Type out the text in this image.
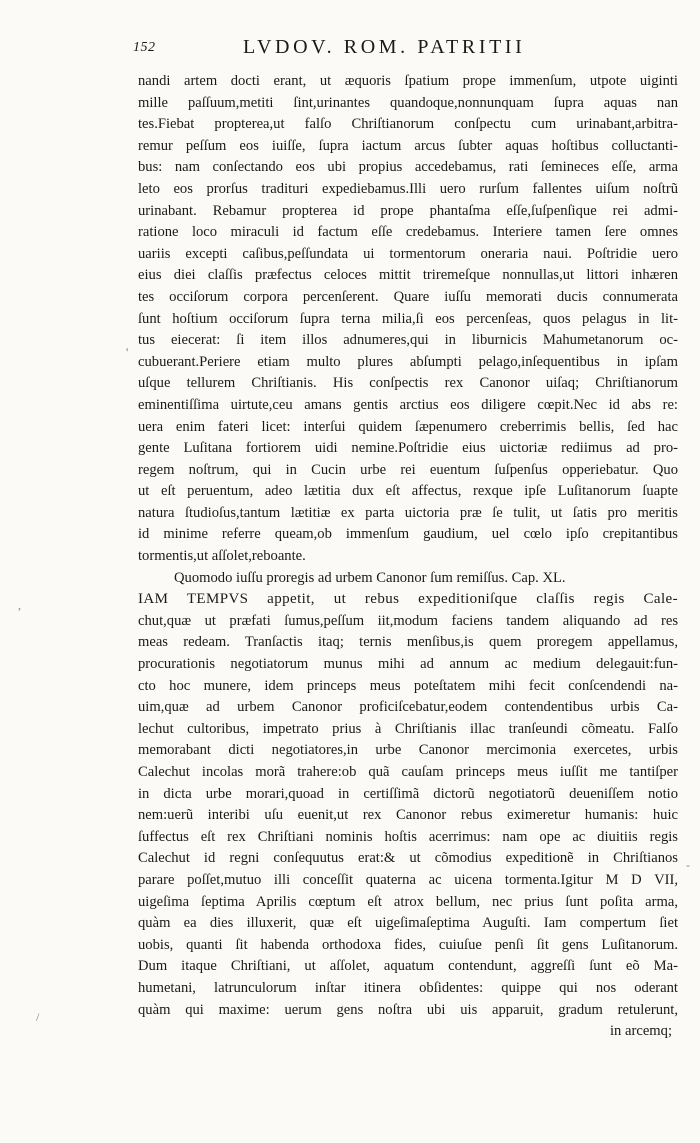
152	LVDOV. ROM. PATRITII
'
,
/
-
nandi artem docti erant, ut æquoris ſpatium prope immenſum, utpote uiginti
mille paſſuum,metiti ſint,urinantes quandoque,nonnunquam ſupra aquas nan
tes.Fiebat propterea,ut falſo Chriſtianorum conſpectu cum urinabant,arbitra-
remur peſſum eos iuiſſe, ſupra iactum arcus ſubter aquas hoſtibus colluctanti-
bus: nam conſectando eos ubi propius accedebamus, rati ſemineces eſſe, arma
leto eos prorſus tradituri expediebamus.Illi uero rurſum fallentes uiſum noſtrũ
urinabant. Rebamur propterea id prope phantaſma eſſe,ſuſpenſique rei admi-
ratione loco miraculi id factum eſſe credebamus. Interiere tamen ſere omnes
uariis excepti caſibus,peſſundata ui tormentorum oneraria naui. Poſtridie uero
eius diei claſſis præfectus celoces mittit triremeſque nonnullas,ut littori inhæren
tes occiſorum corpora percenſerent. Quare iuſſu memorati ducis connumerata
ſunt hoſtium occiſorum ſupra terna milia,ſi eos percenſeas, quos pelagus in lit-
tus eiecerat: ſi item illos adnumeres,qui in liburnicis Mahumetanorum oc-
cubuerant.Periere etiam multo plures abſumpti pelago,inſequentibus in ipſam
uſque tellurem Chriſtianis. His conſpectis rex Canonor uiſaq; Chriſtianorum
eminentiſſima uirtute,ceu amans gentis arctius eos diligere cœpit.Nec id abs re:
uera enim fateri licet: interſui quidem ſæpenumero creberrimis bellis, ſed hac
gente Luſitana fortiorem uidi nemine.Poſtridie eius uictoriæ rediimus ad pro-
regem noſtrum, qui in Cucin urbe rei euentum ſuſpenſus opperiebatur. Quo
ut eſt peruentum, adeo lætitia dux eſt affectus, rexque ipſe Luſitanorum ſuapte
natura ſtudioſus,tantum lætitiæ ex parta uictoria præ ſe tulit, ut ſatis pro meritis
id minime referre queam,ob immenſum gaudium, uel cœlo ipſo crepitantibus
tormentis,ut aſſolet,reboante.
Quomodo iuſſu proregis ad urbem Canonor ſum remiſſus. Cap. XL.
IAM TEMPVS appetit, ut rebus expeditioniſque claſſis regis Cale-
chut,quæ ut præfati ſumus,peſſum iit,modum faciens tandem aliquando ad res
meas redeam. Tranſactis itaq; ternis menſibus,is quem proregem appellamus,
procurationis negotiatorum munus mihi ad annum ac medium delegauit:fun-
cto hoc munere, idem princeps meus poteſtatem mihi fecit conſcendendi na-
uim,quæ ad urbem Canonor proficiſcebatur,eodem contendentibus urbis Ca-
lechut cultoribus, impetrato prius à Chriſtianis illac tranſeundi cõmeatu. Falſo
memorabant dicti negotiatores,in urbe Canonor mercimonia exercetes, urbis
Calechut incolas morã trahere:ob quã cauſam princeps meus iuſſit me tantiſper
in dicta urbe morari,quoad in certiſſimã dictorũ negotiatorũ deueniſſem notio
nem:uerũ interibi uſu euenit,ut rex Canonor rebus eximeretur humanis: huic
ſuffectus eſt rex Chriſtiani nominis hoſtis acerrimus: nam ope ac diuitiis regis
Calechut id regni conſequutus erat:& ut cõmodius expeditionẽ in Chriſtianos
parare poſſet,mutuo illi conceſſit quaterna ac uicena tormenta.Igitur M D VII,
uigeſima ſeptima Aprilis cœptum eſt atrox bellum, nec prius ſunt poſita arma,
quàm ea dies illuxerit, quæ eſt uigeſimaſeptima Auguſti. Iam compertum ſiet
uobis, quanti ſit habenda orthodoxa fides, cuiuſue penſi ſit gens Luſitanorum.
Dum itaque Chriſtiani, ut aſſolet, aquatum contendunt, aggreſſi ſunt eõ Ma-
humetani, latrunculorum inſtar itinera obſidentes: quippe qui nos oderant
quàm qui maxime: uerum gens noſtra ubi uis apparuit, gradum retulerunt,
in arcemq;
